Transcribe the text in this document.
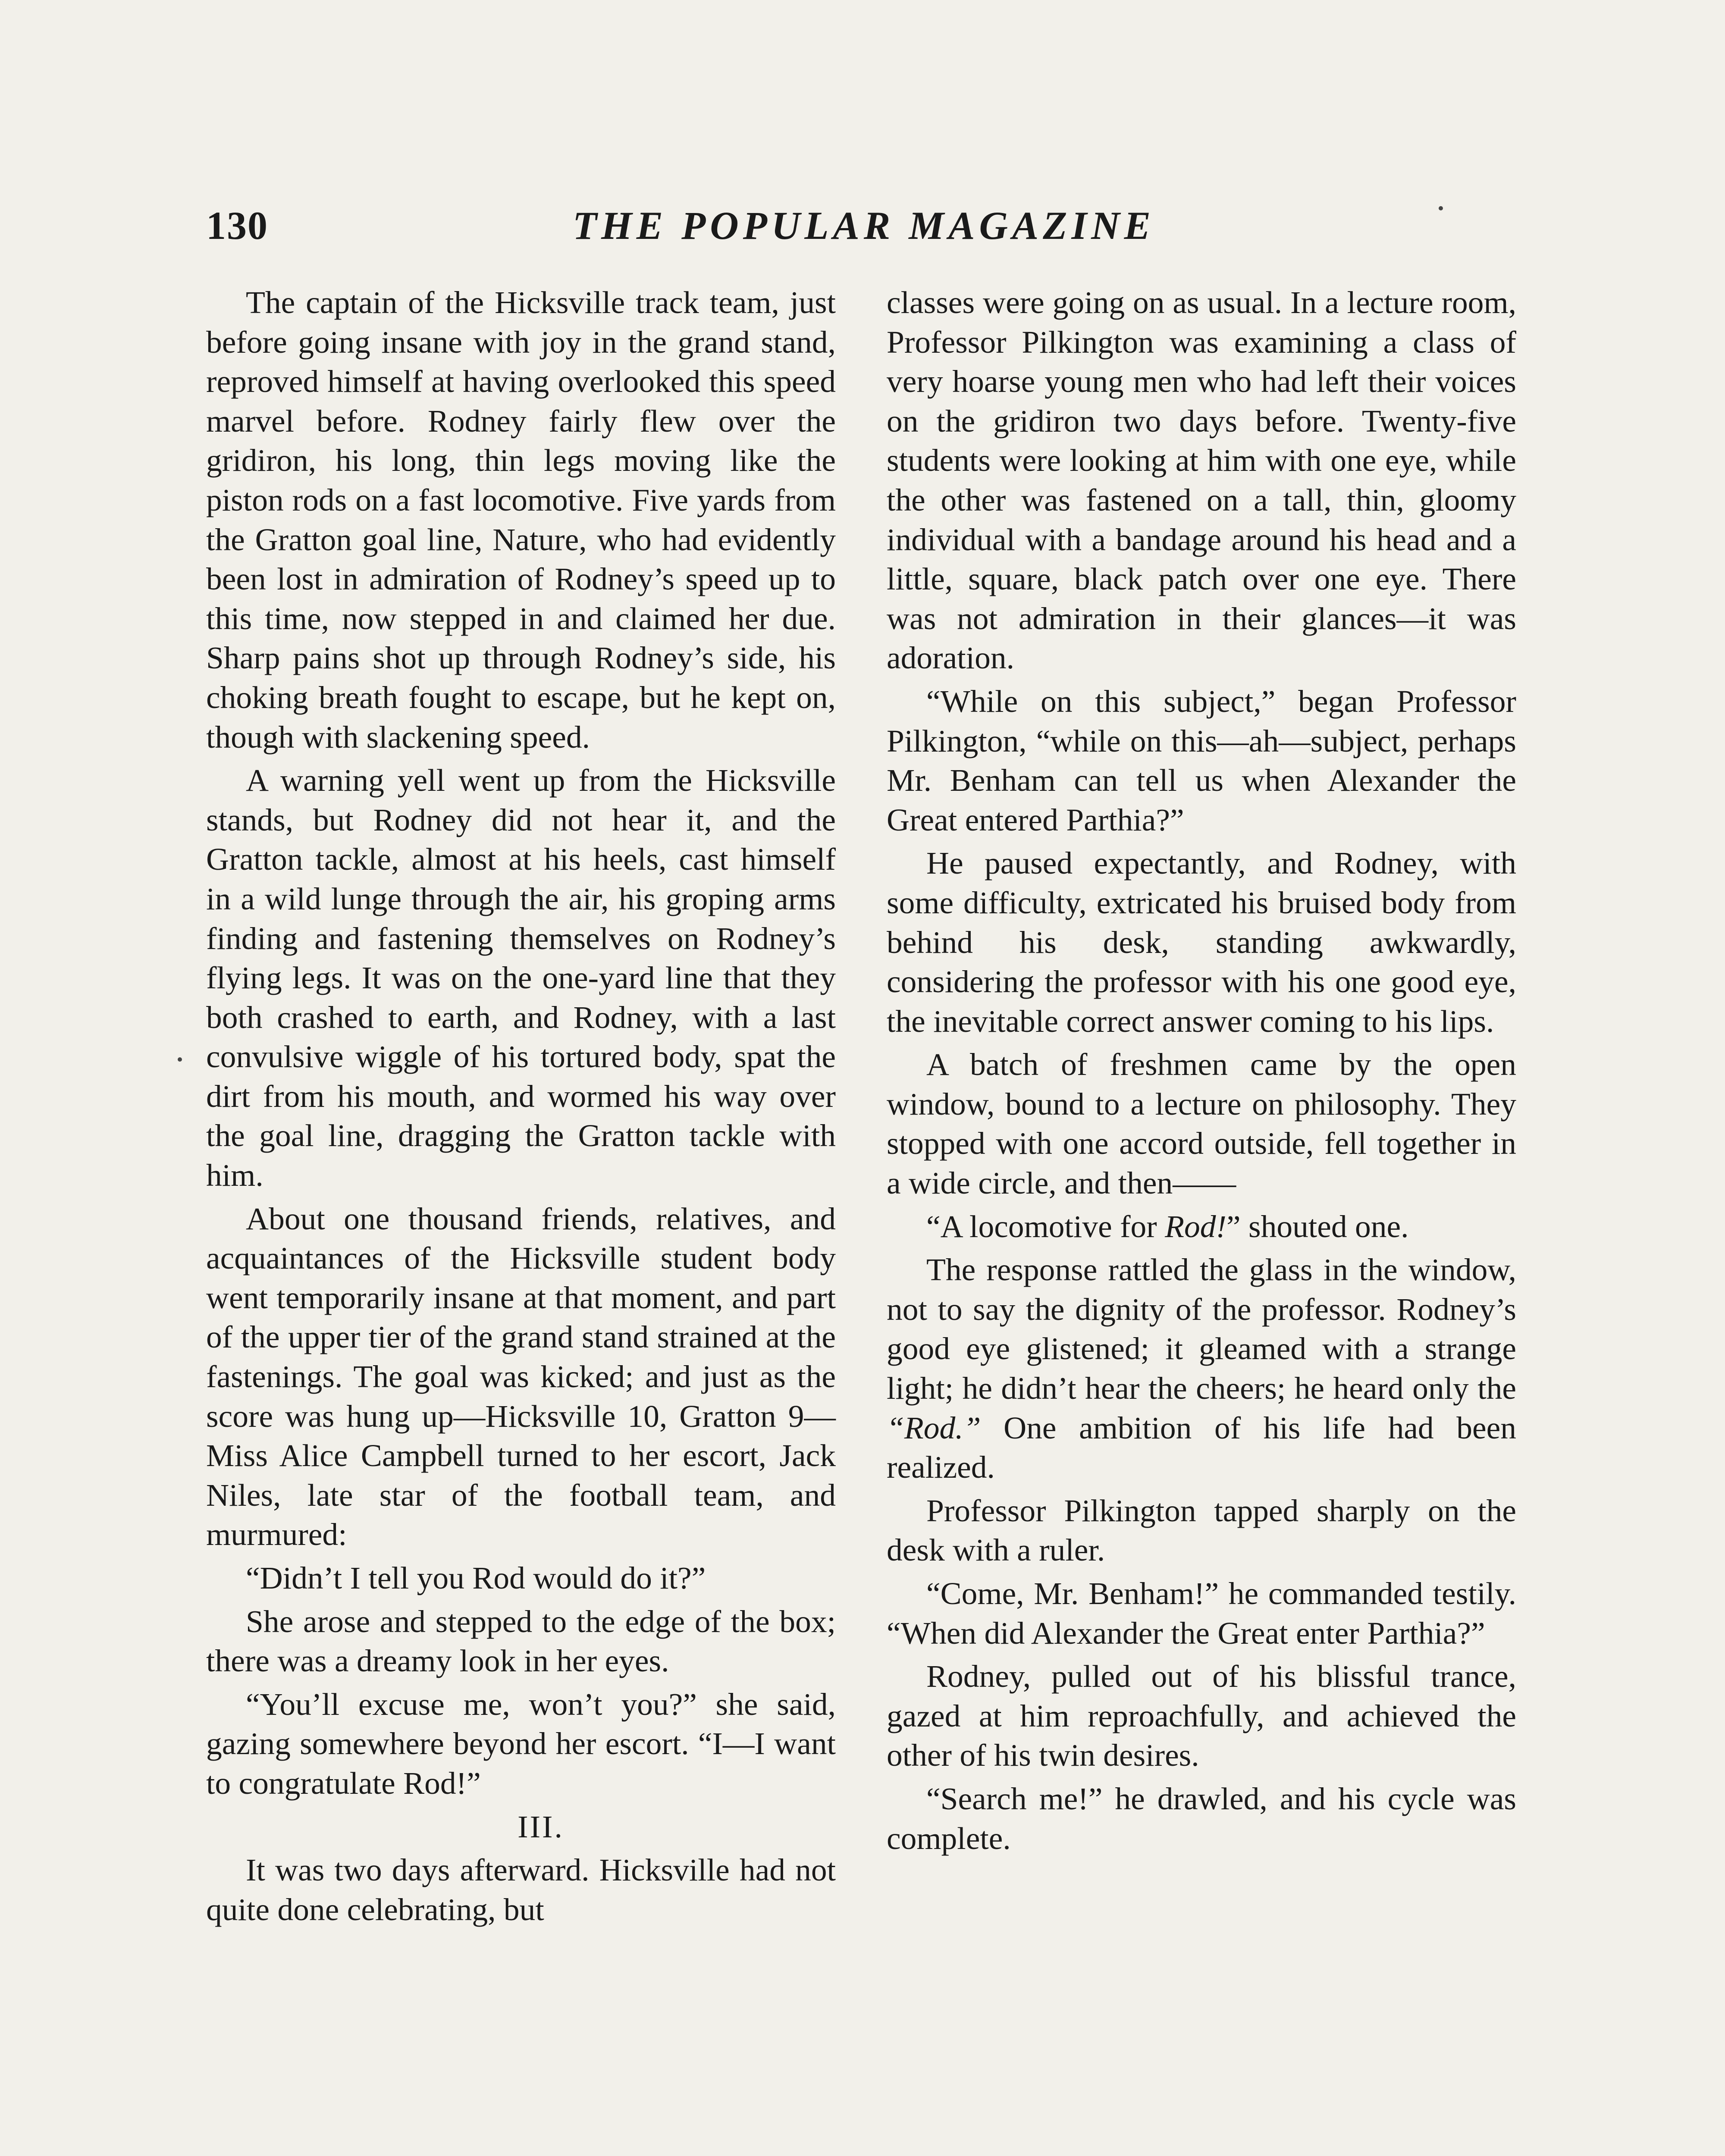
130	THE POPULAR MAGAZINE

The captain of the Hicksville track team, just before going insane with joy in the grand stand, reproved himself at having overlooked this speed marvel before. Rodney fairly flew over the gridiron, his long, thin legs moving like the piston rods on a fast locomotive. Five yards from the Gratton goal line, Nature, who had evidently been lost in admiration of Rodney’s speed up to this time, now stepped in and claimed her due. Sharp pains shot up through Rodney’s side, his choking breath fought to escape, but he kept on, though with slackening speed.

A warning yell went up from the Hicksville stands, but Rodney did not hear it, and the Gratton tackle, almost at his heels, cast himself in a wild lunge through the air, his groping arms finding and fastening themselves on Rodney’s flying legs. It was on the one-yard line that they both crashed to earth, and Rodney, with a last convulsive wiggle of his tortured body, spat the dirt from his mouth, and wormed his way over the goal line, dragging the Gratton tackle with him.

About one thousand friends, relatives, and acquaintances of the Hicksville student body went temporarily insane at that moment, and part of the upper tier of the grand stand strained at the fastenings. The goal was kicked; and just as the score was hung up—Hicksville 10, Gratton 9—Miss Alice Campbell turned to her escort, Jack Niles, late star of the football team, and murmured:

“Didn’t I tell you Rod would do it?”

She arose and stepped to the edge of the box; there was a dreamy look in her eyes.

“You’ll excuse me, won’t you?” she said, gazing somewhere beyond her escort. “I—I want to congratulate Rod!”

III.

It was two days afterward. Hicksville had not quite done celebrating, but

classes were going on as usual. In a lecture room, Professor Pilkington was examining a class of very hoarse young men who had left their voices on the gridiron two days before. Twenty-five students were looking at him with one eye, while the other was fastened on a tall, thin, gloomy individual with a bandage around his head and a little, square, black patch over one eye. There was not admiration in their glances—it was adoration.

“While on this subject,” began Professor Pilkington, “while on this—ah—subject, perhaps Mr. Benham can tell us when Alexander the Great entered Parthia?”

He paused expectantly, and Rodney, with some difficulty, extricated his bruised body from behind his desk, standing awkwardly, considering the professor with his one good eye, the inevitable correct answer coming to his lips.

A batch of freshmen came by the open window, bound to a lecture on philosophy. They stopped with one accord outside, fell together in a wide circle, and then——

“A locomotive for Rod!” shouted one.

The response rattled the glass in the window, not to say the dignity of the professor. Rodney’s good eye glistened; it gleamed with a strange light; he didn’t hear the cheers; he heard only the “Rod.” One ambition of his life had been realized.

Professor Pilkington tapped sharply on the desk with a ruler.

“Come, Mr. Benham!” he commanded testily. “When did Alexander the Great enter Parthia?”

Rodney, pulled out of his blissful trance, gazed at him reproachfully, and achieved the other of his twin desires.

“Search me!” he drawled, and his cycle was complete.
